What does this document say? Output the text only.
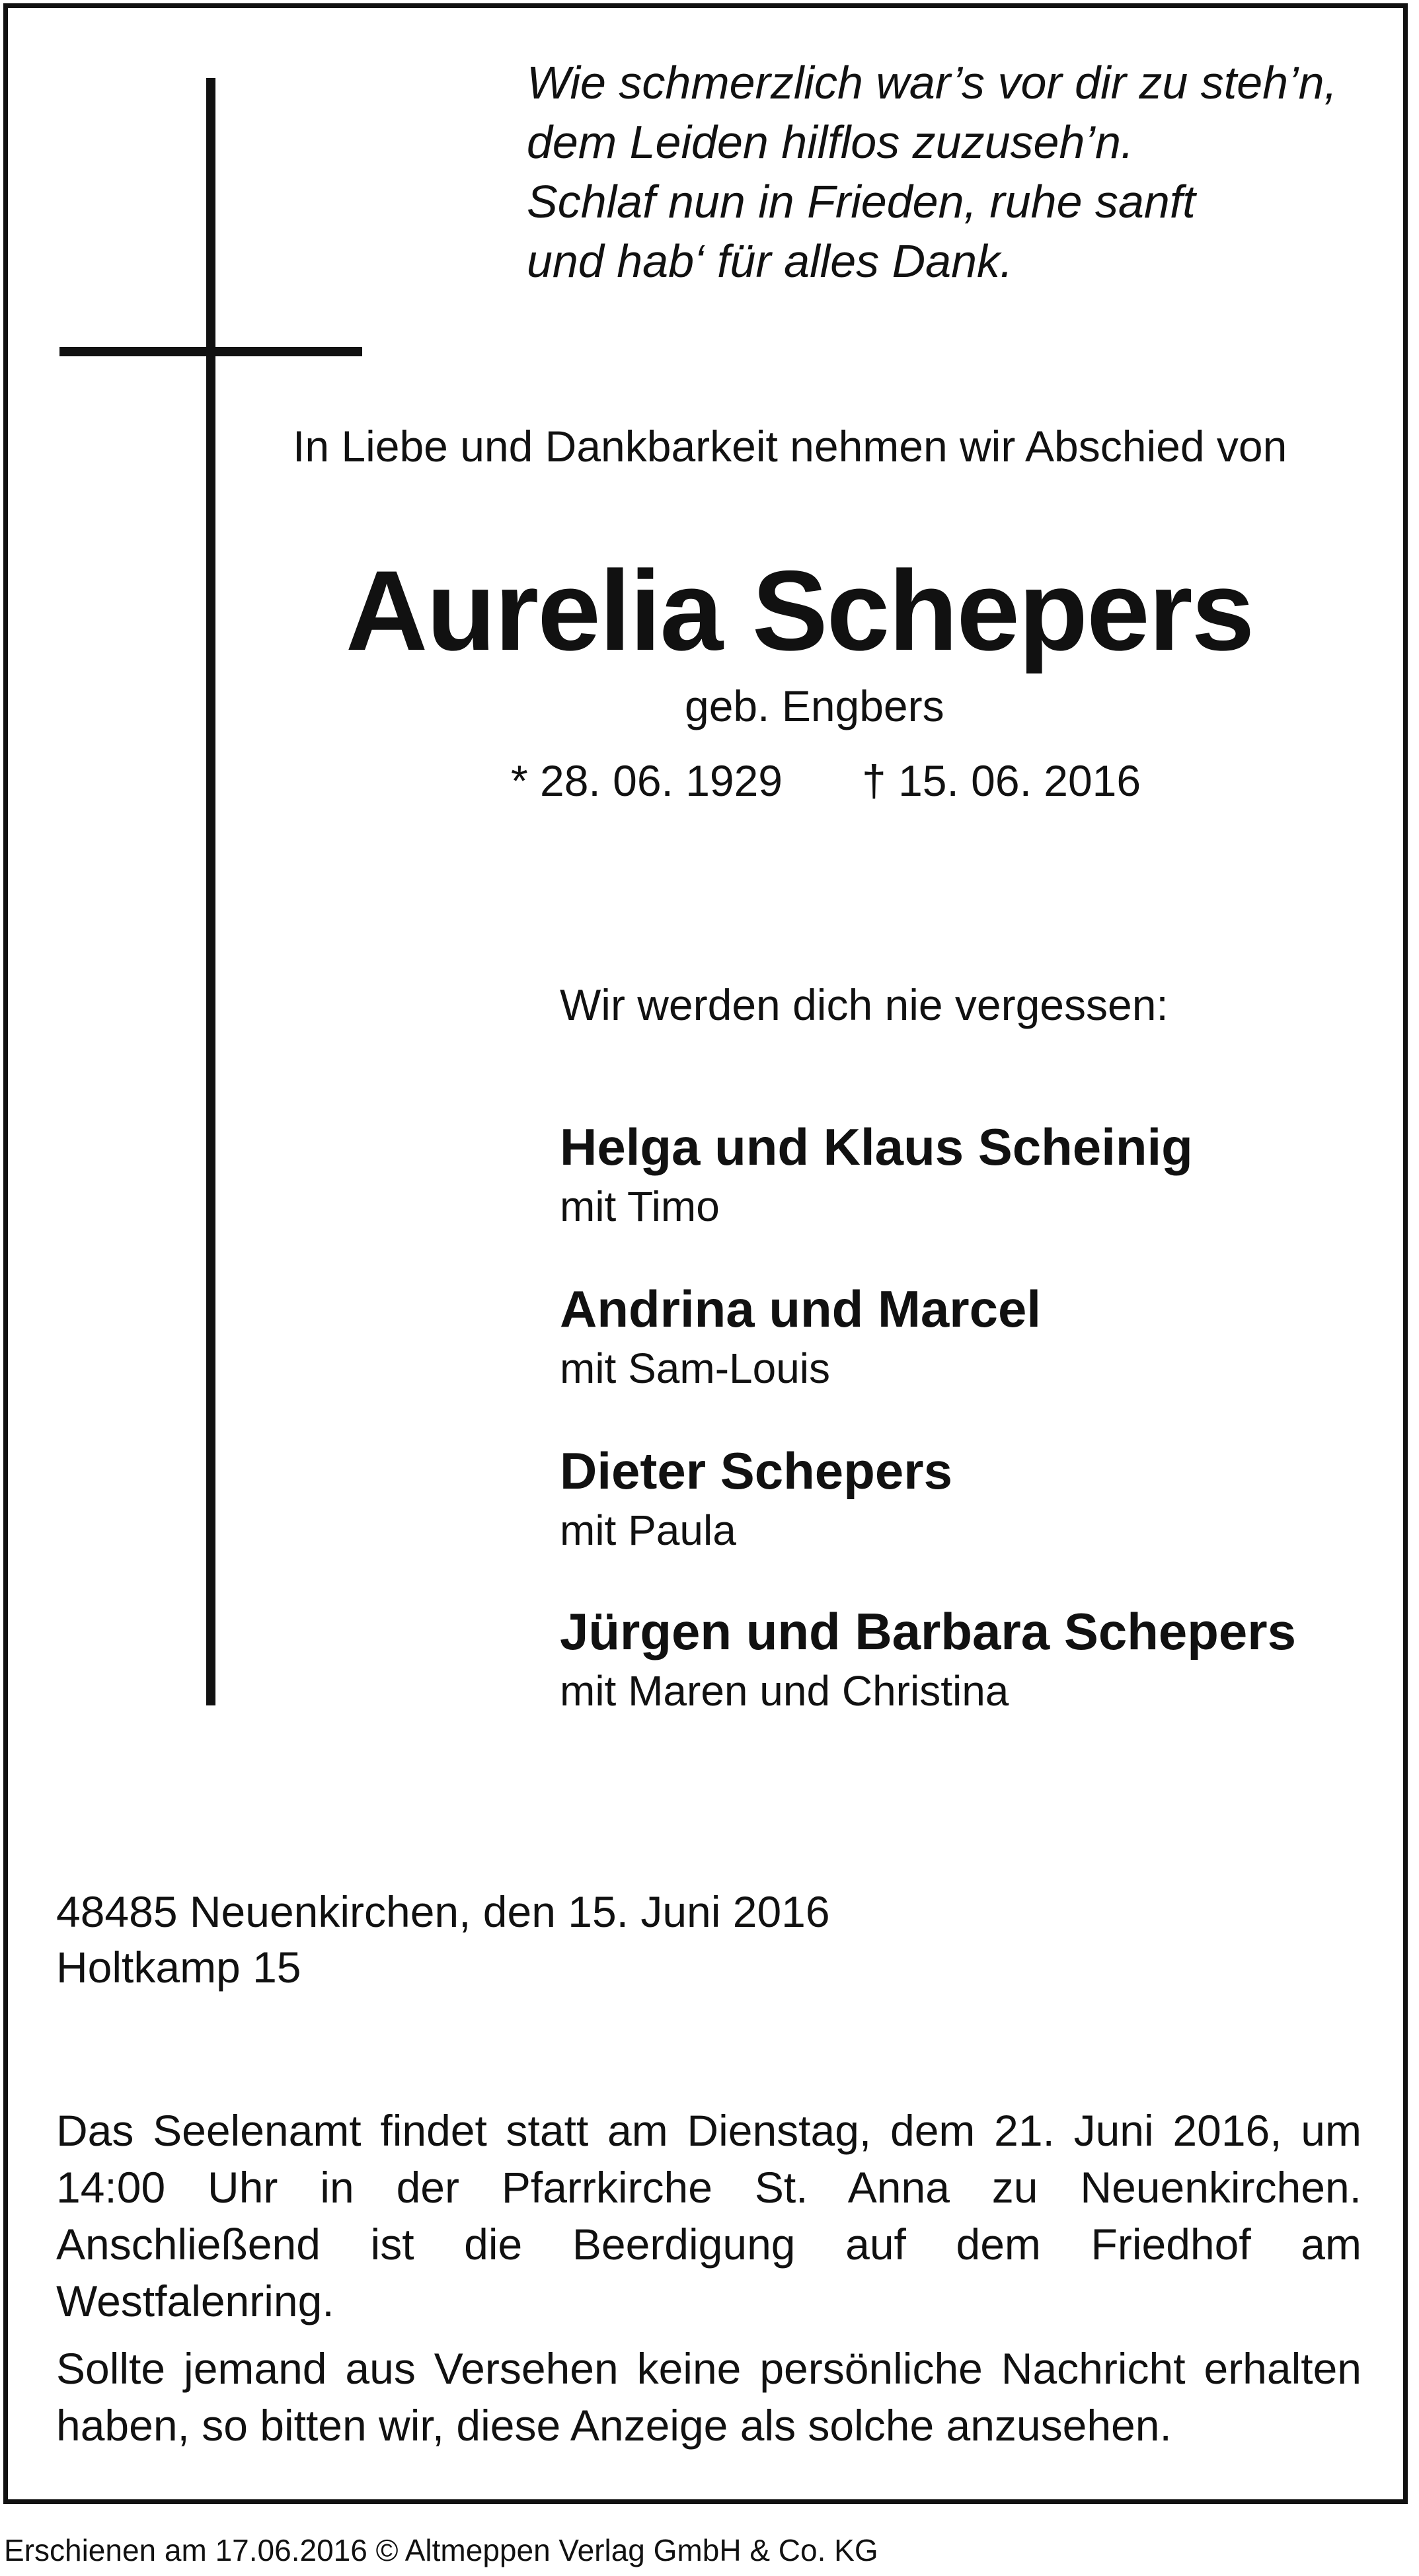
Wie schmerzlich war’s vor dir zu steh’n,
dem Leiden hilflos zuzuseh’n.
Schlaf nun in Frieden, ruhe sanft
und hab‘ für alles Dank.
In Liebe und Dankbarkeit nehmen wir Abschied von
Aurelia Schepers
geb. Engbers
* 28. 06. 1929 † 15. 06. 2016
Wir werden dich nie vergessen:
Helga und Klaus Scheinig
mit Timo
Andrina und Marcel
mit Sam-Louis
Dieter Schepers
mit Paula
Jürgen und Barbara Schepers
mit Maren und Christina
48485 Neuenkirchen, den 15. Juni 2016
Holtkamp 15
Das Seelenamt findet statt am Dienstag, dem 21. Juni 2016, um 14:00 Uhr in der Pfarrkirche St. Anna zu Neuenkirchen. Anschließend ist die Beerdigung auf dem Friedhof am Westfalenring.
Sollte jemand aus Versehen keine persönliche Nachricht erhalten haben, so bitten wir, diese Anzeige als solche anzusehen.
Erschienen am 17.06.2016 © Altmeppen Verlag GmbH & Co. KG
